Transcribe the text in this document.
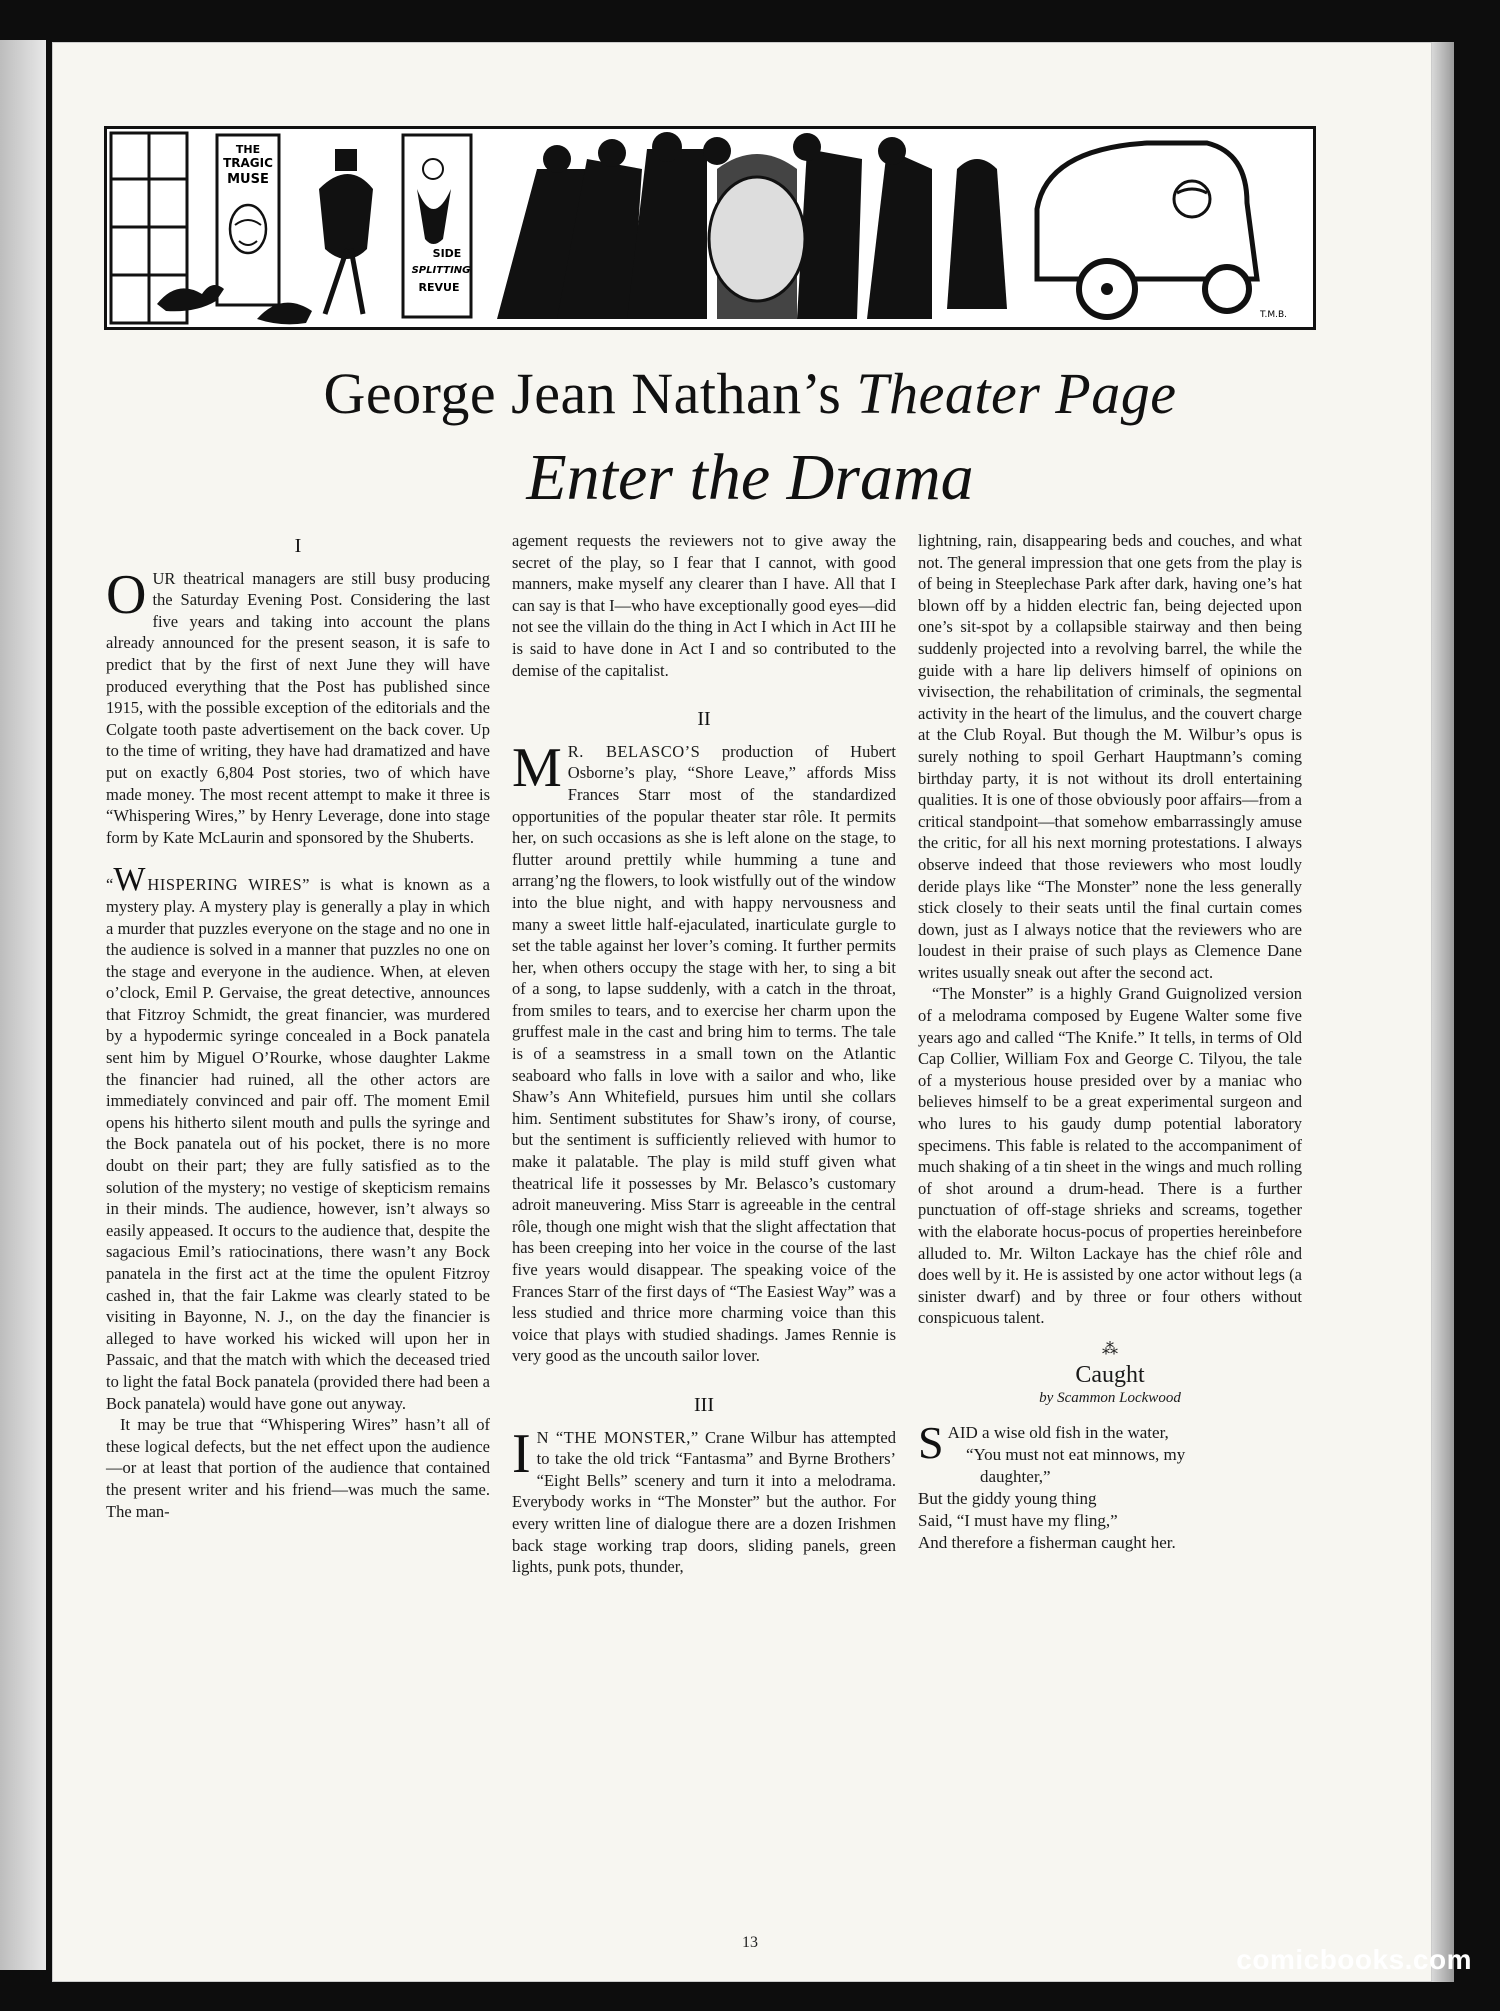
THE
TRAGIC
MUSE
SIDE
SPLITTING
REVUE
T.M.B.
George Jean Nathan’s Theater Page
Enter the Drama
I

OUR theatrical managers are still busy producing the Saturday Evening Post. Considering the last five years and taking into account the plans already announced for the present season, it is safe to predict that by the first of next June they will have produced everything that the Post has published since 1915, with the possible exception of the editorials and the Colgate tooth paste advertisement on the back cover. Up to the time of writing, they have had dramatized and have put on exactly 6,804 Post stories, two of which have made money. The most recent attempt to make it three is “Whispering Wires,” by Henry Leverage, done into stage form by Kate McLaurin and sponsored by the Shuberts.

“W HISPERING WIRES” is what is known as a mystery play. A mystery play is generally a play in which a murder that puzzles everyone on the stage and no one in the audience is solved in a manner that puzzles no one on the stage and everyone in the audience. When, at eleven o’clock, Emil P. Gervaise, the great detective, announces that Fitzroy Schmidt, the great financier, was murdered by a hypodermic syringe concealed in a Bock panatela sent him by Miguel O’Rourke, whose daughter Lakme the financier had ruined, all the other actors are immediately convinced and pair off. The moment Emil opens his hitherto silent mouth and pulls the syringe and the Bock panatela out of his pocket, there is no more doubt on their part; they are fully satisfied as to the solution of the mystery; no vestige of skepticism remains in their minds. The audience, however, isn’t always so easily appeased. It occurs to the audience that, despite the sagacious Emil’s ratiocinations, there wasn’t any Bock panatela in the first act at the time the opulent Fitzroy cashed in, that the fair Lakme was clearly stated to be visiting in Bayonne, N. J., on the day the financier is alleged to have worked his wicked will upon her in Passaic, and that the match with which the deceased tried to light the fatal Bock panatela (provided there had been a Bock panatela) would have gone out anyway.

It may be true that “Whispering Wires” hasn’t all of these logical defects, but the net effect upon the audience—or at least that portion of the audience that contained the present writer and his friend—was much the same. The man-

agement requests the reviewers not to give away the secret of the play, so I fear that I cannot, with good manners, make myself any clearer than I have. All that I can say is that I—who have exceptionally good eyes—did not see the villain do the thing in Act I which in Act III he is said to have done in Act I and so contributed to the demise of the capitalist.

II

M R. BELASCO’S production of Hubert Osborne’s play, “Shore Leave,” affords Miss Frances Starr most of the standardized opportunities of the popular theater star rôle. It permits her, on such occasions as she is left alone on the stage, to flutter around prettily while humming a tune and arrang’ng the flowers, to look wistfully out of the window into the blue night, and with happy nervousness and many a sweet little half-ejaculated, inarticulate gurgle to set the table against her lover’s coming. It further permits her, when others occupy the stage with her, to sing a bit of a song, to lapse suddenly, with a catch in the throat, from smiles to tears, and to exercise her charm upon the gruffest male in the cast and bring him to terms. The tale is of a seamstress in a small town on the Atlantic seaboard who falls in love with a sailor and who, like Shaw’s Ann Whitefield, pursues him until she collars him. Sentiment substitutes for Shaw’s irony, of course, but the sentiment is sufficiently relieved with humor to make it palatable. The play is mild stuff given what theatrical life it possesses by Mr. Belasco’s customary adroit maneuvering. Miss Starr is agreeable in the central rôle, though one might wish that the slight affectation that has been creeping into her voice in the course of the last five years would disappear. The speaking voice of the Frances Starr of the first days of “The Easiest Way” was a less studied and thrice more charming voice than this voice that plays with studied shadings. James Rennie is very good as the uncouth sailor lover.

III

I N “THE MONSTER,” Crane Wilbur has attempted to take the old trick “Fantasma” and Byrne Brothers’ “Eight Bells” scenery and turn it into a melodrama. Everybody works in “The Monster” but the author. For every written line of dialogue there are a dozen Irishmen back stage working trap doors, sliding panels, green lights, punk pots, thunder,

lightning, rain, disappearing beds and couches, and what not. The general impression that one gets from the play is of being in Steeplechase Park after dark, having one’s hat blown off by a hidden electric fan, being dejected upon one’s sit-spot by a collapsible stairway and then being suddenly projected into a revolving barrel, the while the guide with a hare lip delivers himself of opinions on vivisection, the rehabilitation of criminals, the segmental activity in the heart of the limulus, and the couvert charge at the Club Royal. But though the M. Wilbur’s opus is surely nothing to spoil Gerhart Hauptmann’s coming birthday party, it is not without its droll entertaining qualities. It is one of those obviously poor affairs—from a critical standpoint—that somehow embarrassingly amuse the critic, for all his next morning protestations. I always observe indeed that those reviewers who most loudly deride plays like “The Monster” none the less generally stick closely to their seats until the final curtain comes down, just as I always notice that the reviewers who are loudest in their praise of such plays as Clemence Dane writes usually sneak out after the second act.

“The Monster” is a highly Grand Guignolized version of a melodrama composed by Eugene Walter some five years ago and called “The Knife.” It tells, in terms of Old Cap Collier, William Fox and George C. Tilyou, the tale of a mysterious house presided over by a maniac who believes himself to be a great experimental surgeon and who lures to his gaudy dump potential laboratory specimens. This fable is related to the accompaniment of much shaking of a tin sheet in the wings and much rolling of shot around a drum-head. There is a further punctuation of off-stage shrieks and screams, together with the elaborate hocus-pocus of properties hereinbefore alluded to. Mr. Wilton Lackaye has the chief rôle and does well by it. He is assisted by one actor without legs (a sinister dwarf) and by three or four others without conspicuous talent.

⁂
Caught
by Scammon Lockwood

SAID a wise old fish in the water,

“You must not eat minnows, my

daughter,”

But the giddy young thing

Said, “I must have my fling,”

And therefore a fisherman caught her.

13
comicbooks.com
